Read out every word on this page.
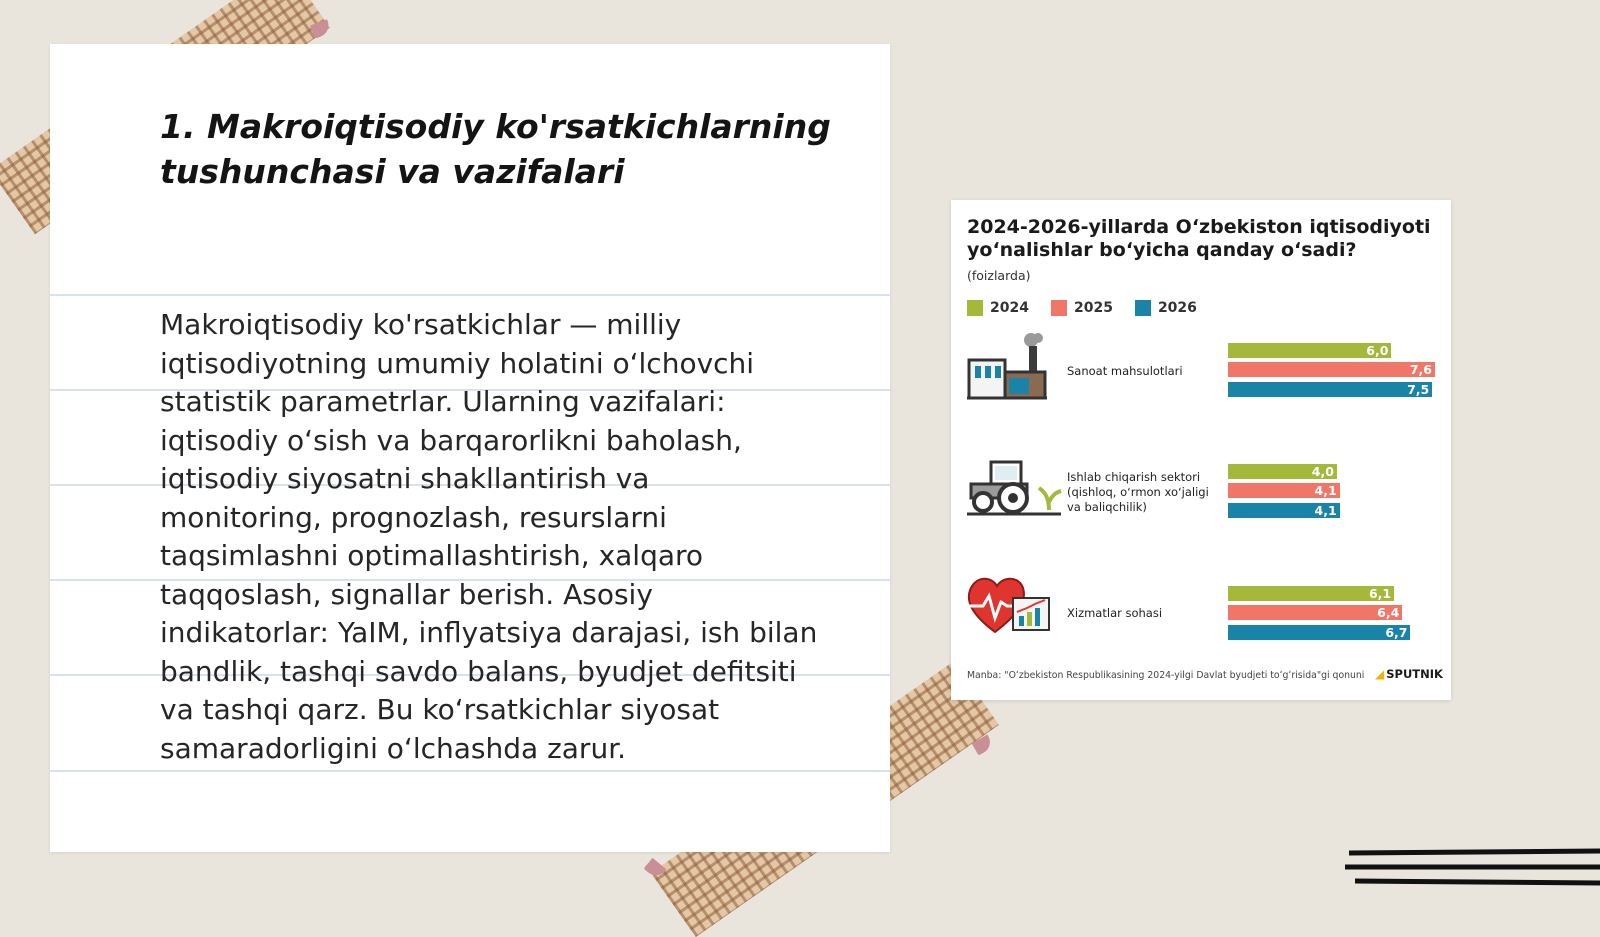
1. Makroiqtisodiy ko'rsatkichlarning tushunchasi va vazifalari

Makroiqtisodiy ko'rsatkichlar — milliy iqtisodiyotning umumiy holatini oʻlchovchi statistik parametrlar. Ularning vazifalari: iqtisodiy oʻsish va barqarorlikni baholash, iqtisodiy siyosatni shakllantirish va monitoring, prognozlash, resurslarni taqsimlashni optimallashtirish, xalqaro taqqoslash, signallar berish. Asosiy indikatorlar: YaIM, inflyatsiya darajasi, ish bilan bandlik, tashqi savdo balans, byudjet defitsiti va tashqi qarz. Bu koʻrsatkichlar siyosat samaradorligini oʻlchashda zarur.

2024-2026-yillarda Oʻzbekiston iqtisodiyoti yoʻnalishlar boʻyicha qanday oʻsadi?

(foizlarda)

2024	2025	2026
Sanoat mahsulotlari
Ishlab chiqarish sektori (qishloq, oʻrmon xoʻjaligi va baliqchilik)
Xizmatlar sohasi
6,0
7,6
7,5
4,0
4,1
4,1
6,1
6,4
6,7
Manba: "Oʻzbekiston Respublikasining 2024-yilgi Davlat byudjeti toʻgʻrisida"gi qonuni ◢ SPUTNIK
